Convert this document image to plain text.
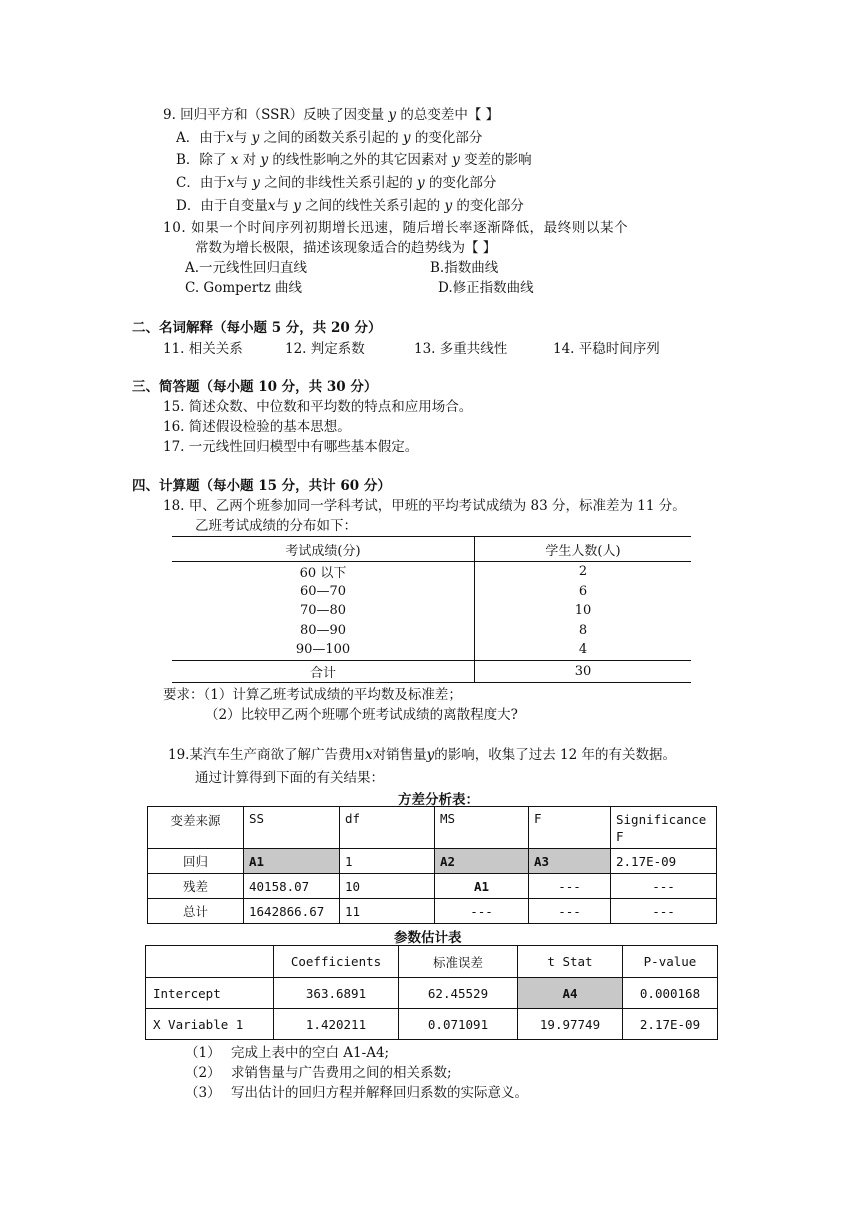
9. 回归平方和（SSR）反映了因变量 y 的总变差中【 】
A．由于x与 y 之间的函数关系引起的 y 的变化部分
B．除了 x 对 y 的线性影响之外的其它因素对 y 变差的影响
C．由于x与 y 之间的非线性关系引起的 y 的变化部分
D．由于自变量x与 y 之间的线性关系引起的 y 的变化部分
10. 如果一个时间序列初期增长迅速，随后增长率逐渐降低，最终则以某个
常数为增长极限，描述该现象适合的趋势线为【 】
A.一元线性回归直线	B.指数曲线
C. Gompertz 曲线	D.修正指数曲线
二、名词解释（每小题 5 分，共 20 分）
11. 相关关系	12. 判定系数	13. 多重共线性	14. 平稳时间序列
三、简答题（每小题 10 分，共 30 分）
15. 简述众数、中位数和平均数的特点和应用场合。
16. 简述假设检验的基本思想。
17. 一元线性回归模型中有哪些基本假定。
四、计算题（每小题 15 分，共计 60 分）
18. 甲、乙两个班参加同一学科考试，甲班的平均考试成绩为 83 分，标准差为 11 分。
乙班考试成绩的分布如下：
考试成绩(分)	学生人数(人)
60 以下	2
60—70	6
70—80	10
80—90	8
90—100	4
合计	30
要求：（1）计算乙班考试成绩的平均数及标准差；
（2）比较甲乙两个班哪个班考试成绩的离散程度大?
19.某汽车生产商欲了解广告费用x对销售量y的影响，收集了过去 12 年的有关数据。
通过计算得到下面的有关结果：
方差分析表：
变差来源	SS	df	MS	F	Significance
F
回归	A1	1	A2	A3	2.17E-09
残差	40158.07	10	A1	---	---
总计	1642866.67	11	---	---	---
参数估计表
	Coefficients	标准误差	t Stat	P-value
Intercept	363.6891	62.45529	A4	0.000168
X Variable 1	1.420211	0.071091	19.97749	2.17E-09
（1） 完成上表中的空白 A1-A4;
（2） 求销售量与广告费用之间的相关系数;
（3） 写出估计的回归方程并解释回归系数的实际意义。
